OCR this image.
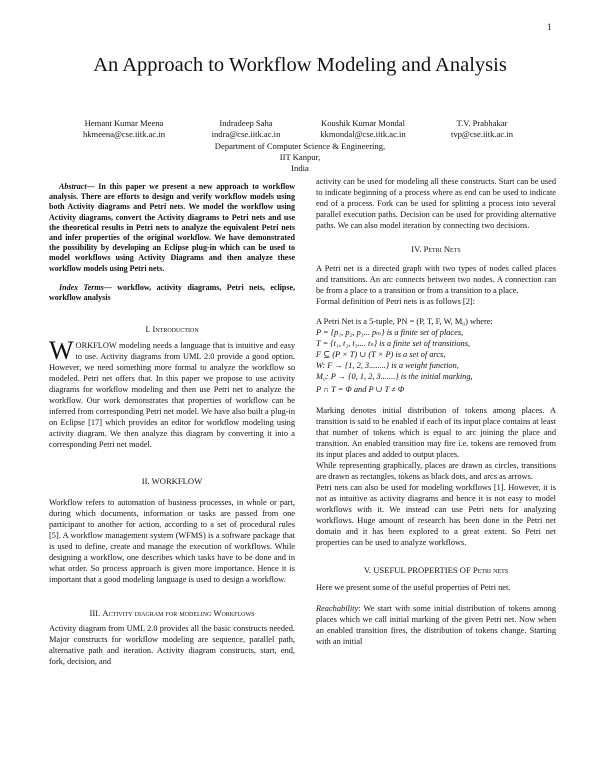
1
An Approach to Workflow Modeling and Analysis
Hemant Kumar Meena
hkmeena@cse.iitk.ac.in
Indradeep Saha
indra@cse.iitk.ac.in
Koushik Kumar Mondal
kkmondal@cse.iitk.ac.in
T.V. Prabhakar
tvp@cse.iitk.ac.in
Department of Computer Science & Engineering,
IIT Kanpur,
India

Abstract— In this paper we present a new approach to workflow analysis. There are efforts to design and verify workflow models using both Activity diagrams and Petri nets. We model the workflow using Activity diagrams, convert the Activity diagrams to Petri nets and use the theoretical results in Petri nets to analyze the equivalent Petri nets and infer properties of the original workflow. We have demonstrated the possibility by developing an Eclipse plug-in which can be used to model workflows using Activity Diagrams and then analyze these workflow models using Petri nets.

Index Terms— workflow, activity diagrams, Petri nets, eclipse, workflow analysis

I. Introduction

WORKFLOW modeling needs a language that is intuitive and easy to use. Activity diagrams from UML 2.0 provide a good option. However, we need something more formal to analyze the workflow so modeled. Petri net offers that. In this paper we propose to use activity diagrams for workflow modeling and then use Petri net to analyze the workflow. Our work demonstrates that properties of workflow can be inferred from corresponding Petri net model. We have also built a plug-in on Eclipse [17] which provides an editor for workflow modeling using activity diagram. We then analyze this diagram by converting it into a corresponding Petri net model.

II. WORKFLOW

Workflow refers to automation of business processes, in whole or part, during which documents, information or tasks are passed from one participant to another for action, according to a set of procedural rules [5]. A workflow management system (WFMS) is a software package that is used to define, create and manage the execution of workflows. While designing a workflow, one describes which tasks have to be done and in what order. So process approach is given more importance. Hence it is important that a good modeling language is used to design a workflow.

III. Activity diagram for modeling Workflows

Activity diagram from UML 2.0 provides all the basic constructs needed. Major constructs for workflow modeling are sequence, parallel path, alternative path and iteration. Activity diagram constructs, start, end, fork, decision, and

activity can be used for modeling all these constructs. Start can be used to indicate beginning of a process where as end can be used to indicate end of a process. Fork can be used for splitting a process into several parallel execution paths. Decision can be used for providing alternative paths. We can also model iteration by connecting two decisions.

IV. Petri Nets

A Petri net is a directed graph with two types of nodes called places and transitions. An arc connects between two nodes. A connection can be from a place to a transition or from a transition to a place.

Formal definition of Petri nets is as follows [2]:

A Petri Net is a 5-tuple, PN = (P, T, F, W, M₀) where:

P = {p₁, p₂, p₃... pₘ} is a finite set of places,

T = {t₁, t₂, t₃.... tₙ} is a finite set of transitions,

F ⊆ (P × T) ∪ (T × P) is a set of arcs,

W: F → {1, 2, 3........} is a weight function,

M₀: P → {0, 1, 2, 3.......} is the initial marking,

P ∩ T = Φ and P ∪ T ≠ Φ

Marking denotes initial distribution of tokens among places. A transition is said to be enabled if each of its input place contains at least that number of tokens which is equal to arc joining the place and transition. An enabled transition may fire i.e. tokens are removed from its input places and added to output places.

While representing graphically, places are drawn as circles, transitions are drawn as rectangles, tokens as black dots, and arcs as arrows.

Petri nets can also be used for modeling workflows [1]. However, it is not as intuitive as activity diagrams and hence it is not easy to model workflows with it. We instead can use Petri nets for analyzing workflows. Huge amount of research has been done in the Petri net domain and it has been explored to a great extent. So Petri net properties can be used to analyze workflows.

V. USEFUL PROPERTIES OF Petri nets

Here we present some of the useful properties of Petri net.

Reachability: We start with some initial distribution of tokens among places which we call initial marking of the given Petri net. Now when an enabled transition fires, the distribution of tokens change. Starting with an initial
